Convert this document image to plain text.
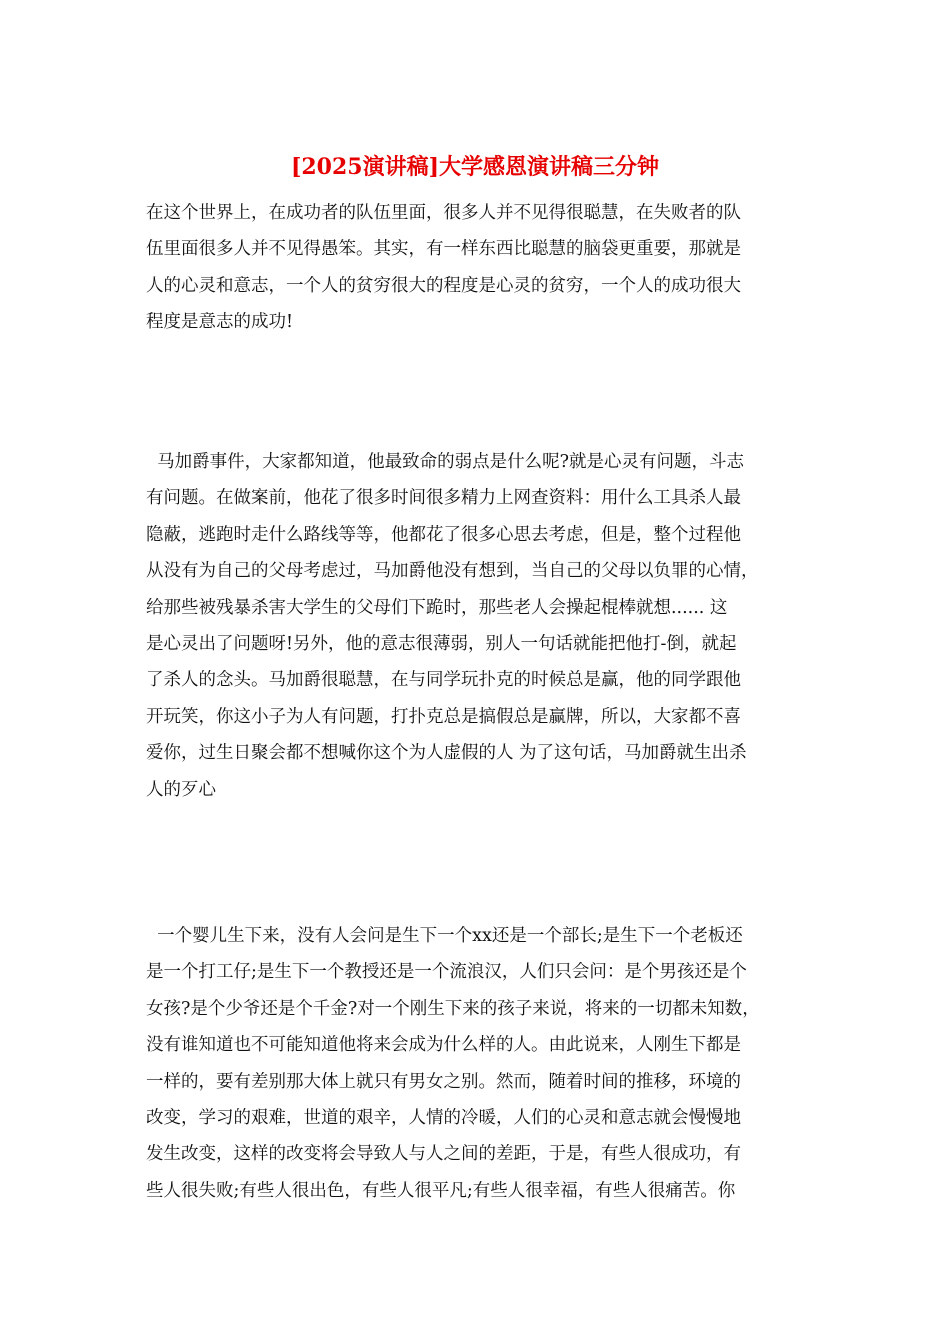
[2025演讲稿]大学感恩演讲稿三分钟
在这个世界上，在成功者的队伍里面，很多人并不见得很聪慧，在失败者的队
伍里面很多人并不见得愚笨。其实，有一样东西比聪慧的脑袋更重要，那就是
人的心灵和意志，一个人的贫穷很大的程度是心灵的贫穷，一个人的成功很大
程度是意志的成功!
马加爵事件，大家都知道，他最致命的弱点是什么呢?就是心灵有问题，斗志
有问题。在做案前，他花了很多时间很多精力上网查资料：用什么工具杀人最
隐蔽，逃跑时走什么路线等等，他都花了很多心思去考虑，但是，整个过程他
从没有为自己的父母考虑过，马加爵他没有想到，当自己的父母以负罪的心情，
给那些被残暴杀害大学生的父母们下跪时，那些老人会操起棍棒就想...... 这
是心灵出了问题呀!另外，他的意志很薄弱，别人一句话就能把他打-倒，就起
了杀人的念头。马加爵很聪慧，在与同学玩扑克的时候总是赢，他的同学跟他
开玩笑，你这小子为人有问题，打扑克总是搞假总是赢牌，所以，大家都不喜
爱你，过生日聚会都不想喊你这个为人虚假的人 为了这句话，马加爵就生出杀
人的歹心
一个婴儿生下来，没有人会问是生下一个xx还是一个部长;是生下一个老板还
是一个打工仔;是生下一个教授还是一个流浪汉，人们只会问：是个男孩还是个
女孩?是个少爷还是个千金?对一个刚生下来的孩子来说，将来的一切都未知数，
没有谁知道也不可能知道他将来会成为什么样的人。由此说来，人刚生下都是
一样的，要有差别那大体上就只有男女之别。然而，随着时间的推移，环境的
改变，学习的艰难，世道的艰辛，人情的冷暖，人们的心灵和意志就会慢慢地
发生改变，这样的改变将会导致人与人之间的差距，于是，有些人很成功，有
些人很失败;有些人很出色，有些人很平凡;有些人很幸福，有些人很痛苦。你
